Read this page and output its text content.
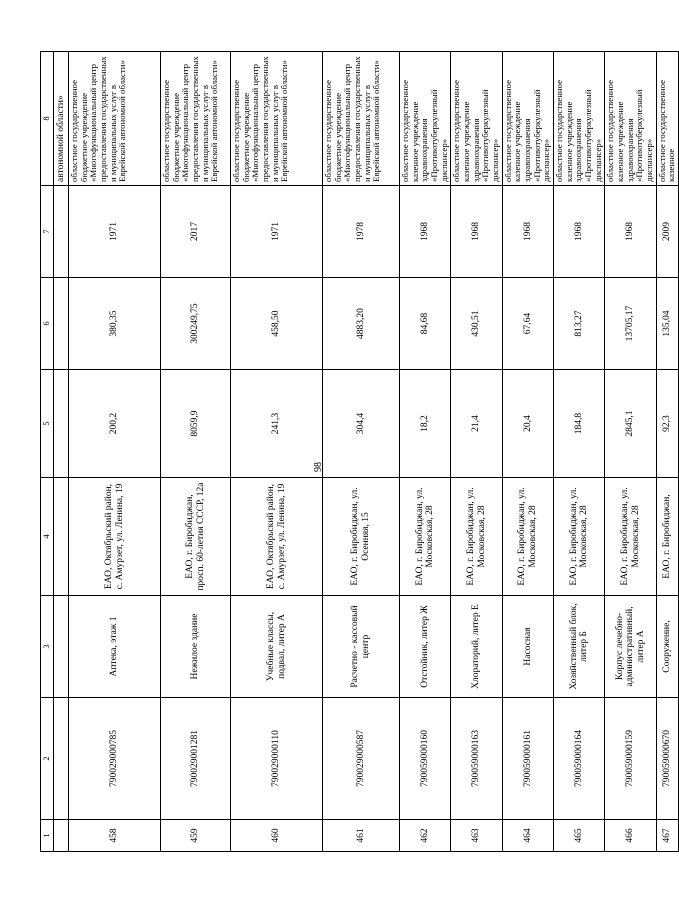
98
1	2	3	4	5	6	7	8
							автономной области»
458	790029000785	Аптека, этаж 1	ЕАО, Октябрьский район, с. Амурзет, ул. Ленина, 19	200,2	380,35	1971	областное государственное бюджетное учреждение «Многофункциональный центр предоставления государственных и муниципальных услуг в Еврейской автономной области»
459	790029001281	Нежилое здание	ЕАО, г. Биробиджан, просп. 60-летия СССР, 12а	8059,9	300249,75	2017	областное государственное бюджетное учреждение «Многофункциональный центр предоставления государственных и муниципальных услуг в Еврейской автономной области»
460	790029000110	Учебные классы, подвал, литер А	ЕАО, Октябрьский район, с. Амурзет, ул. Ленина, 19	241,3	458,50	1971	областное государственное бюджетное учреждение «Многофункциональный центр предоставления государственных и муниципальных услуг в Еврейской автономной области»
461	790029000587	Расчетно - кассовый центр	ЕАО, г. Биробиджан, ул. Осенняя, 15	304,4	4883,20	1978	областное государственное бюджетное учреждение «Многофункциональный центр предоставления государственных и муниципальных услуг в Еврейской автономной области»
462	790059000160	Отстойник, литер Ж	ЕАО, г. Биробиджан, ул. Московская, 28	18,2	84,68	1968	областное государственное казенное учреждение здравоохранения «Противотуберкулезный диспансер»
463	790059000163	Хлораторий, литер Е	ЕАО, г. Биробиджан, ул. Московская, 28	21,4	430,51	1968	областное государственное казенное учреждение здравоохранения «Противотуберкулезный диспансер»
464	790059000161	Насосная	ЕАО, г. Биробиджан, ул. Московская, 28	20,4	67,64	1968	областное государственное казенное учреждение здравоохранения «Противотуберкулезный диспансер»
465	790059000164	Хозяйственный блок, литер Б	ЕАО, г. Биробиджан, ул. Московская, 28	184,8	813,27	1968	областное государственное казенное учреждение здравоохранения «Противотуберкулезный диспансер»
466	790059000159	Корпус лечебно-административный, литер А	ЕАО, г. Биробиджан, ул. Московская, 28	2845,1	13705,17	1968	областное государственное казенное учреждение здравоохранения «Противотуберкулезный диспансер»
467	790059000670	Сооружение,	ЕАО, г. Биробиджан,	92,3	135,04	2009	областное государственное казенное
